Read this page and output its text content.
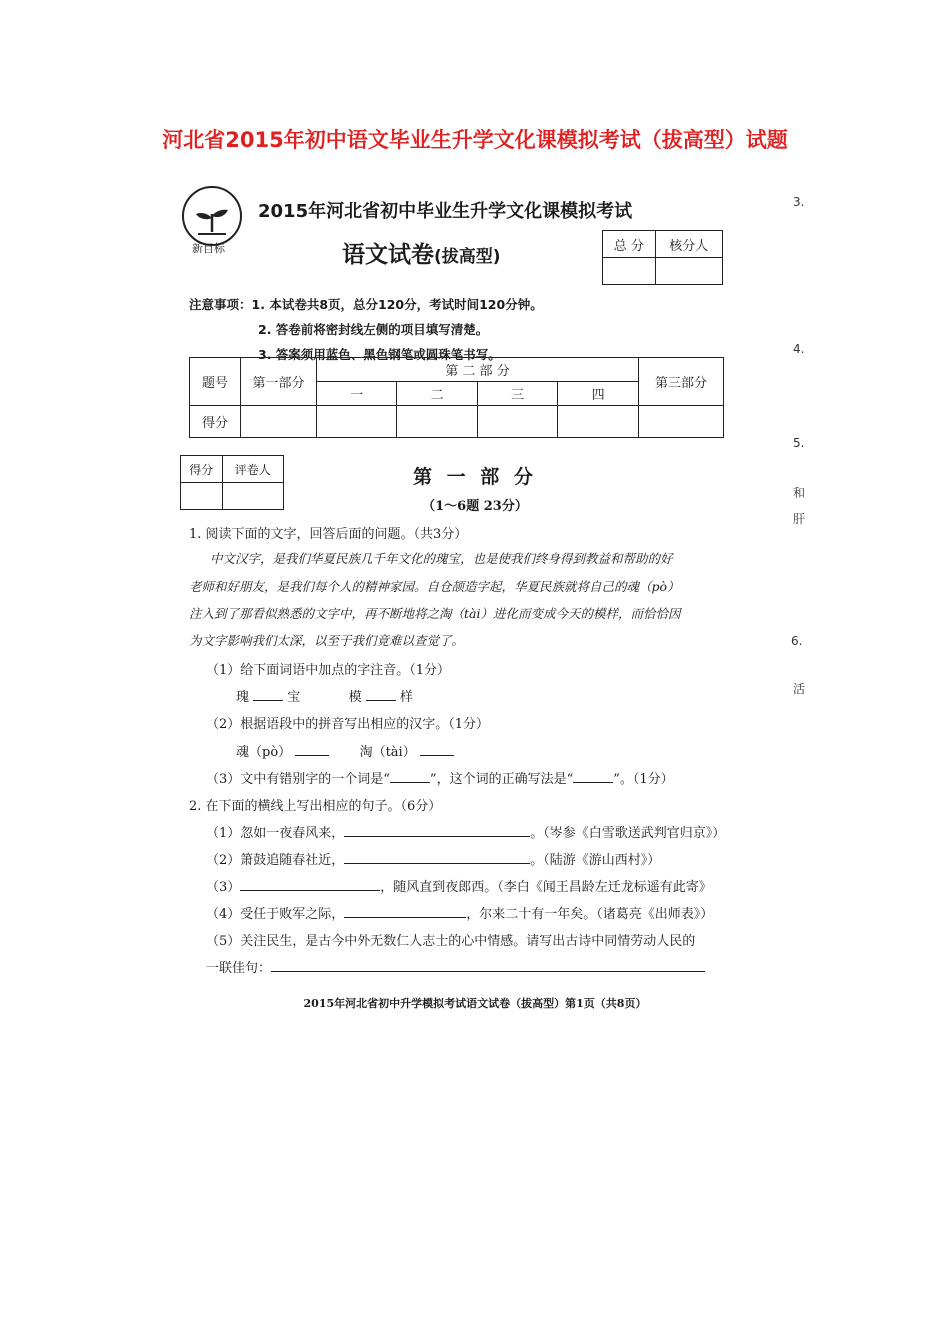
河北省2015年初中语文毕业生升学文化课模拟考试（拔高型）试题
新目标
2015年河北省初中毕业生升学文化课模拟考试
语文试卷(拔高型)
总 分	核分人

注意事项：1. 本试卷共8页，总分120分，考试时间120分钟。
2. 答卷前将密封线左侧的项目填写清楚。
3. 答案须用蓝色、黑色钢笔或圆珠笔书写。
题号	第一部分	第 二 部 分				第三部分
		一	二	三	四	
得分						
得分	评卷人
		第 一 部 分
（1～6题 23分）
1. 阅读下面的文字，回答后面的问题。（共3分）
中文汉字，是我们华夏民族几千年文化的瑰宝，也是使我们终身得到教益和帮助的好
老师和好朋友，是我们每个人的精神家园。自仓颉造字起，华夏民族就将自己的魂（pò）
注入到了那看似熟悉的文字中，再不断地将之淘（tài）进化而变成今天的模样，而恰恰因
为文字影响我们太深，以至于我们竟难以查觉了。
（1）给下面词语中加点的字注音。（1分）
瑰	宝	模	样
（2）根据语段中的拼音写出相应的汉字。（1分）
魂（pò）	淘（tài）
（3）文中有错别字的一个词是“	”，这个词的正确写法是“	”。（1分）
2. 在下面的横线上写出相应的句子。（6分）
（1）忽如一夜春风来，	。（岑参《白雪歌送武判官归京》）
（2）箫鼓追随春社近，	。（陆游《游山西村》）
（3）	，随风直到夜郎西。（李白《闻王昌龄左迁龙标遥有此寄》
（4）受任于败军之际，	，尔来二十有一年矣。（诸葛亮《出师表》）
（5）关注民生，是古今中外无数仁人志士的心中情感。请写出古诗中同情劳动人民的
一联佳句：
2015年河北省初中升学模拟考试语文试卷（拔高型）第1页（共8页）
3.
4.
5.
和
肝
6.
活
